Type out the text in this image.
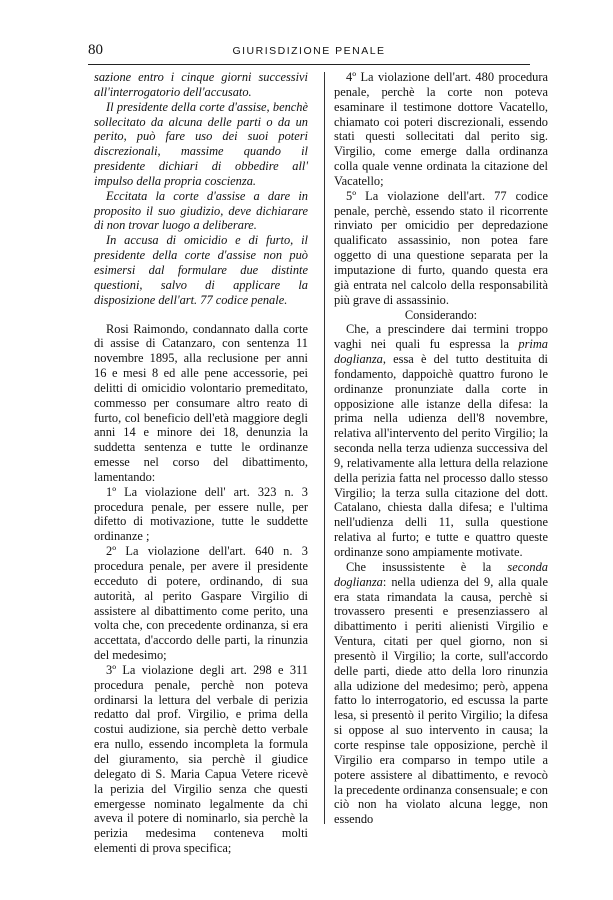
80	GIURISDIZIONE PENALE

sazione entro i cinque giorni successivi all'interrogatorio dell'accusato.

Il presidente della corte d'assise, benchè sollecitato da alcuna delle parti o da un perito, può fare uso dei suoi poteri discrezionali, massime quando il presidente dichiari di obbedire all' impulso della propria coscienza.

Eccitata la corte d'assise a dare in proposito il suo giudizio, deve dichiarare di non trovar luogo a deliberare.

In accusa di omicidio e di furto, il presidente della corte d'assise non può esimersi dal formulare due distinte questioni, salvo di applicare la disposizione dell'art. 77 codice penale.

Rosi Raimondo, condannato dalla corte di assise di Catanzaro, con sentenza 11 novembre 1895, alla reclusione per anni 16 e mesi 8 ed alle pene accessorie, pei delitti di omicidio volontario premeditato, commesso per consumare altro reato di furto, col beneficio dell'età maggiore degli anni 14 e minore dei 18, denunzia la suddetta sentenza e tutte le ordinanze emesse nel corso del dibattimento, lamentando:

1º La violazione dell' art. 323 n. 3 procedura penale, per essere nulle, per difetto di motivazione, tutte le suddette ordinanze ;

2º La violazione dell'art. 640 n. 3 procedura penale, per avere il presidente ecceduto di potere, ordinando, di sua autorità, al perito Gaspare Virgilio di assistere al dibattimento come perito, una volta che, con precedente ordinanza, si era accettata, d'accordo delle parti, la rinunzia del medesimo;

3º La violazione degli art. 298 e 311 procedura penale, perchè non poteva ordinarsi la lettura del verbale di perizia redatto dal prof. Virgilio, e prima della costui audizione, sia perchè detto verbale era nullo, essendo incompleta la formula del giuramento, sia perchè il giudice delegato di S. Maria Capua Vetere ricevè la perizia del Virgilio senza che questi emergesse nominato legalmente da chi aveva il potere di nominarlo, sia perchè la perizia medesima conteneva molti elementi di prova specifica;

4º La violazione dell'art. 480 procedura penale, perchè la corte non poteva esaminare il testimone dottore Vacatello, chiamato coi poteri discrezionali, essendo stati questi sollecitati dal perito sig. Virgilio, come emerge dalla ordinanza colla quale venne ordinata la citazione del Vacatello;

5º La violazione dell'art. 77 codice penale, perchè, essendo stato il ricorrente rinviato per omicidio per depredazione qualificato assassinio, non potea fare oggetto di una questione separata per la imputazione di furto, quando questa era già entrata nel calcolo della responsabilità più grave di assassinio.

Considerando:

Che, a prescindere dai termini troppo vaghi nei quali fu espressa la prima doglianza, essa è del tutto destituita di fondamento, dappoichè quattro furono le ordinanze pronunziate dalla corte in opposizione alle istanze della difesa: la prima nella udienza dell'8 novembre, relativa all'intervento del perito Virgilio; la seconda nella terza udienza successiva del 9, relativamente alla lettura della relazione della perizia fatta nel processo dallo stesso Virgilio; la terza sulla citazione del dott. Catalano, chiesta dalla difesa; e l'ultima nell'udienza delli 11, sulla questione relativa al furto; e tutte e quattro queste ordinanze sono ampiamente motivate.

Che insussistente è la seconda doglianza: nella udienza del 9, alla quale era stata rimandata la causa, perchè si trovassero presenti e presenziassero al dibattimento i periti alienisti Virgilio e Ventura, citati per quel giorno, non si presentò il Virgilio; la corte, sull'accordo delle parti, diede atto della loro rinunzia alla udizione del medesimo; però, appena fatto lo interrogatorio, ed escussa la parte lesa, si presentò il perito Virgilio; la difesa si oppose al suo intervento in causa; la corte respinse tale opposizione, perchè il Virgilio era comparso in tempo utile a potere assistere al dibattimento, e revocò la precedente ordinanza consensuale; e con ciò non ha violato alcuna legge, non essendo
